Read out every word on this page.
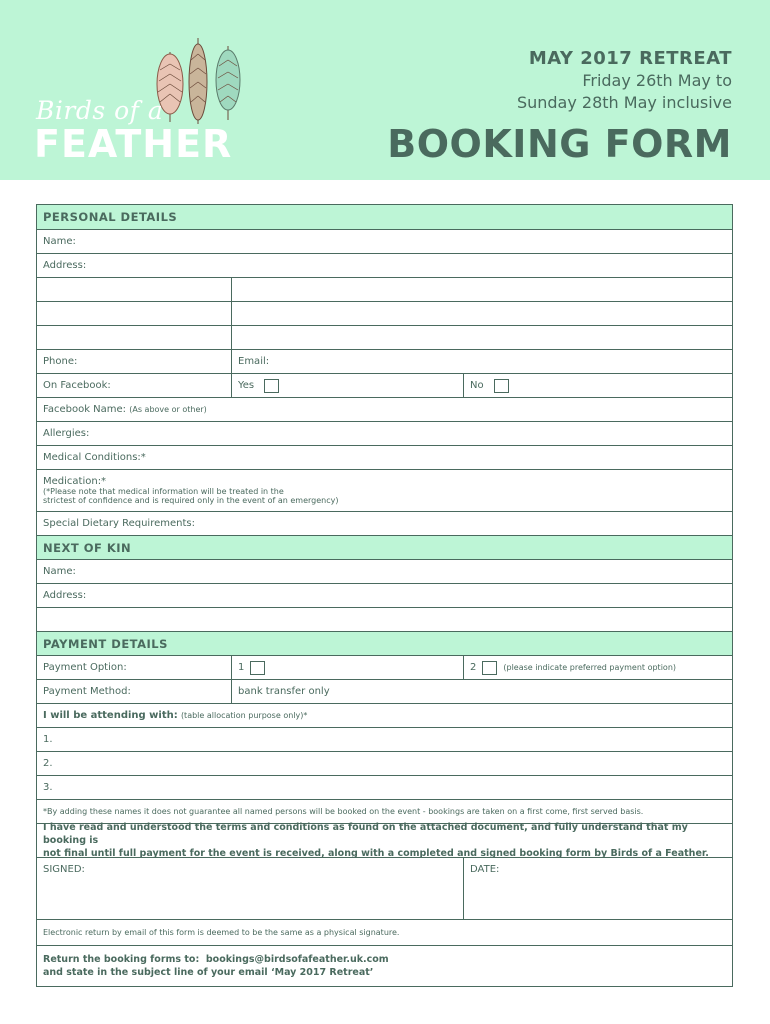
Birds of a
FEATHER
MAY 2017 RETREAT
Friday 26th May to
Sunday 28th May inclusive
BOOKING FORM
PERSONAL DETAILS
Name:
Address:
Phone:	Email:
On Facebook:	Yes	No
Facebook Name:
(As above or other)
Allergies:
Medical Conditions:*
Medication:*
(*Please note that medical information will be treated in the
strictest of confidence and is required only in the event of an emergency)
Special Dietary Requirements:
NEXT OF KIN
Name:
Address:
PAYMENT DETAILS
Payment Option:	1	2	(please indicate preferred payment option)
Payment Method:	bank transfer only
I will be attending with:
(table allocation purpose only)*
1.
2.
3.
*By adding these names it does not guarantee all named persons will be booked on the event - bookings are taken on a first come, first served basis.
I have read and understood the terms and conditions as found on the attached document, and fully understand that my booking is
not final until full payment for the event is received, along with a completed and signed booking form by Birds of a Feather.
SIGNED:	DATE:
Electronic return by email of this form is deemed to be the same as a physical signature.
Return the booking forms to: bookings@birdsofafeather.uk.com
and state in the subject line of your email ‘May 2017 Retreat’
